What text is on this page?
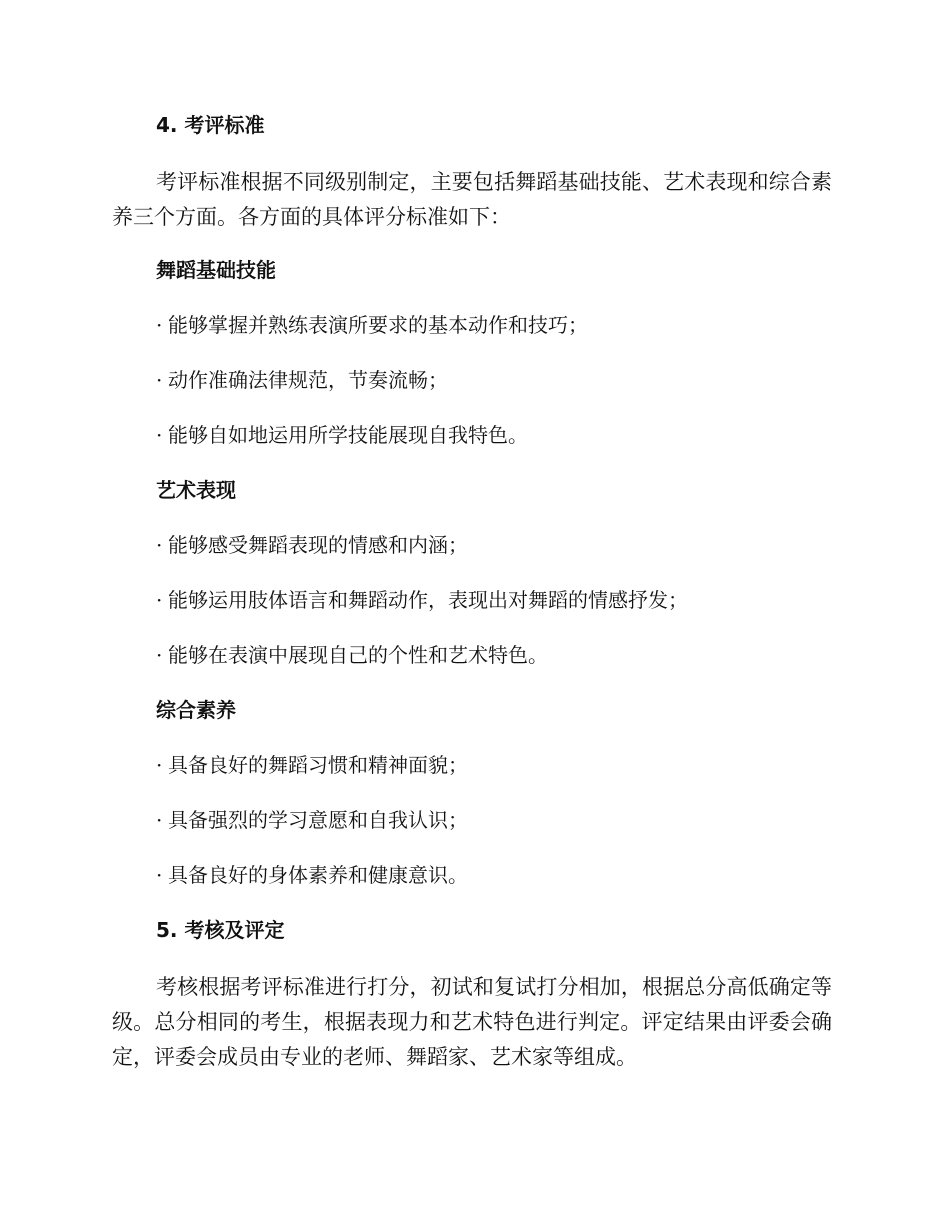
4. 考评标准
考评标准根据不同级别制定，主要包括舞蹈基础技能、艺术表现和综合素养三个方面。各方面的具体评分标准如下：
舞蹈基础技能
· 能够掌握并熟练表演所要求的基本动作和技巧；
· 动作准确法律规范，节奏流畅；
· 能够自如地运用所学技能展现自我特色。
艺术表现
· 能够感受舞蹈表现的情感和内涵；
· 能够运用肢体语言和舞蹈动作，表现出对舞蹈的情感抒发；
· 能够在表演中展现自己的个性和艺术特色。
综合素养
· 具备良好的舞蹈习惯和精神面貌；
· 具备强烈的学习意愿和自我认识；
· 具备良好的身体素养和健康意识。
5. 考核及评定
考核根据考评标准进行打分，初试和复试打分相加，根据总分高低确定等级。总分相同的考生，根据表现力和艺术特色进行判定。评定结果由评委会确定，评委会成员由专业的老师、舞蹈家、艺术家等组成。
